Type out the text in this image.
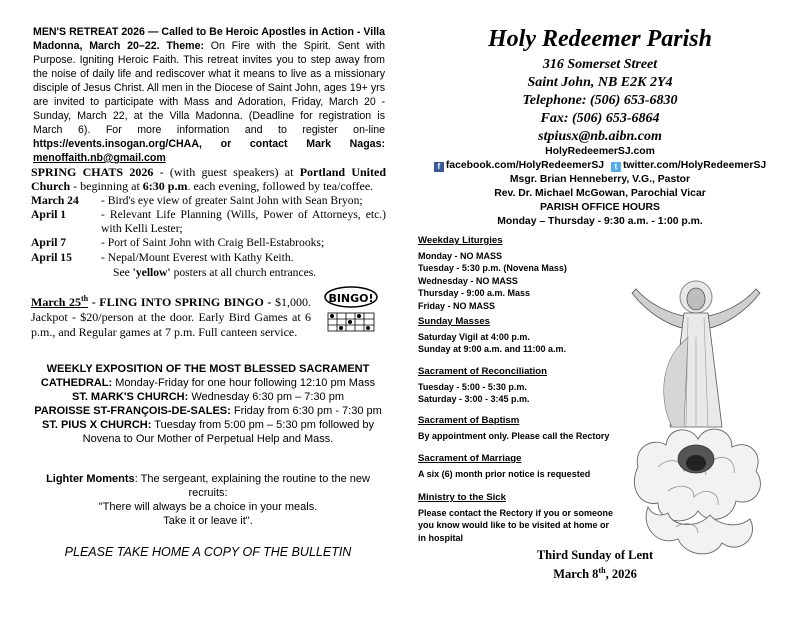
MEN'S RETREAT 2026 — Called to Be Heroic Apostles in Action - Villa Madonna, March 20–22. Theme: On Fire with the Spirit. Sent with Purpose. Igniting Heroic Faith. This retreat invites you to step away from the noise of daily life and rediscover what it means to live as a missionary disciple of Jesus Christ. All men in the Diocese of Saint John, ages 19+ yrs are invited to participate with Mass and Adoration, Friday, March 20 - Sunday, March 22, at the Villa Madonna. (Deadline for registration is March 6). For more information and to register on-line https://events.insogan.org/CHAA, or contact Mark Nagas: menoffaith.nb@gmail.com
SPRING CHATS 2026 - (with guest speakers) at Portland United Church - beginning at 6:30 p.m. each evening, followed by tea/coffee.
March 24	- Bird's eye view of greater Saint John with Sean Bryon;
April 1	- Relevant Life Planning (Wills, Power of Attorneys, etc.) with Kelli Lester;
April 7	- Port of Saint John with Craig Bell-Estabrooks;
April 15	- Nepal/Mount Everest with Kathy Keith.
See 'yellow' posters at all church entrances.
March 25th - FLING INTO SPRING BINGO - $1,000. Jackpot - $20/person at the door. Early Bird Games at 6 p.m., and Regular games at 7 p.m. Full canteen service.
BINGO!
WEEKLY EXPOSITION OF THE MOST BLESSED SACRAMENT
CATHEDRAL: Monday-Friday for one hour following 12:10 pm Mass
ST. MARK'S CHURCH: Wednesday 6:30 pm – 7:30 pm
PAROISSE ST-FRANÇOIS-DE-SALES: Friday from 6:30 pm - 7:30 pm
ST. PIUS X CHURCH: Tuesday from 5:00 pm – 5:30 pm followed by Novena to Our Mother of Perpetual Help and Mass.
Lighter Moments: The sergeant, explaining the routine to the new recruits:
"There will always be a choice in your meals.
Take it or leave it".
PLEASE TAKE HOME A COPY OF THE BULLETIN
Holy Redeemer Parish
316 Somerset Street
Saint John, NB E2K 2Y4
Telephone: (506) 653-6830
Fax: (506) 653-6864
stpiusx@nb.aibn.com
HolyRedeemerSJ.com
f facebook.com/HolyRedeemerSJ t twitter.com/HolyRedeemerSJ
Msgr. Brian Henneberry, V.G., Pastor
Rev. Dr. Michael McGowan, Parochial Vicar
PARISH OFFICE HOURS
Monday – Thursday - 9:30 a.m. - 1:00 p.m.
Weekday Liturgies
Monday - NO MASS
Tuesday - 5:30 p.m. (Novena Mass)
Wednesday - NO MASS
Thursday - 9:00 a.m. Mass
Friday - NO MASS
Sunday Masses
Saturday Vigil at 4:00 p.m.
Sunday at 9:00 a.m. and 11:00 a.m.
Sacrament of Reconciliation
Tuesday - 5:00 - 5:30 p.m.
Saturday - 3:00 - 3:45 p.m.
Sacrament of Baptism
By appointment only. Please call the Rectory
Sacrament of Marriage
A six (6) month prior notice is requested
Ministry to the Sick
Please contact the Rectory if you or someone
you know would like to be visited at home or
in hospital
Third Sunday of Lent
March 8th, 2026
